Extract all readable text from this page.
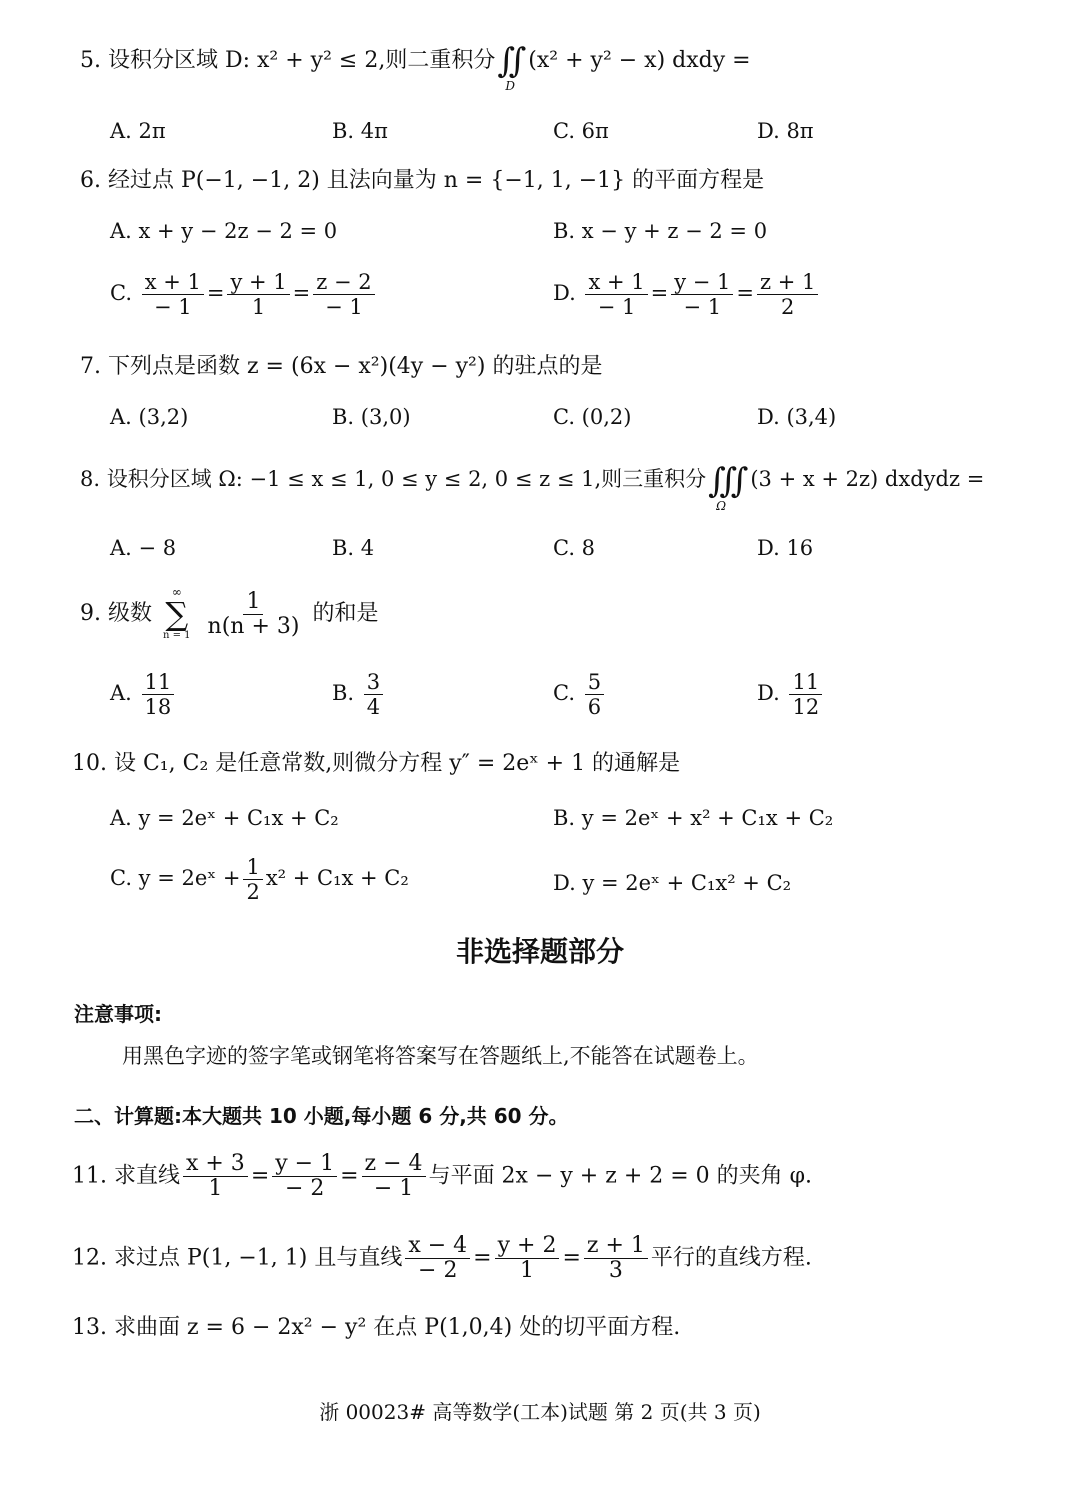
5. 设积分区域 D: x² + y² ≤ 2,则二重积分∬
D
(x² + y² − x) dxdy =
A. 2π	B. 4π	C. 6π	D. 8π
6. 经过点 P(−1, −1, 2) 且法向量为 n = {−1, 1, −1} 的平面方程是
A. x + y − 2z − 2 = 0	B. x − y + z − 2 = 0
C. $\frac{x + 1}{- 1} = \frac{y + 1}{1} = \frac{z - 2}{- 1}$	D. $\frac{x + 1}{- 1} = \frac{y - 1}{- 1} = \frac{z + 1}{2}$
7. 下列点是函数 z = (6x − x²)(4y − y²) 的驻点的是
A. (3,2)	B. (3,0)	C. (0,2)	D. (3,4)
8. 设积分区域 Ω: −1 ≤ x ≤ 1, 0 ≤ y ≤ 2, 0 ≤ z ≤ 1,则三重积分∭
Ω
(3 + x + 2z) dxdydz =
A. − 8	B. 4	C. 8	D. 16
9. 级数
∞
∑
n = 1
$\frac{1}{n(n + 3)}$ 的和是
A. $\frac{11}{18}$	B. $\frac{3}{4}$	C. $\frac{5}{6}$	D. $\frac{11}{12}$
10. 设 C₁, C₂ 是任意常数,则微分方程 y″ = 2eˣ + 1 的通解是
A. y = 2eˣ + C₁x + C₂	B. y = 2eˣ + x² + C₁x + C₂
C. y = 2eˣ + $\frac{1}{2} x^2 + C_1x + C_2$	D. y = 2eˣ + C₁x² + C₂
非选择题部分
注意事项:
用黑色字迹的签字笔或钢笔将答案写在答题纸上,不能答在试题卷上。
二、计算题:本大题共 10 小题,每小题 6 分,共 60 分。
11. 求直线 $\frac{x + 3}{1} = \frac{y - 1}{- 2} = \frac{z - 4}{- 1}$ 与平面 2x − y + z + 2 = 0 的夹角 φ.
12. 求过点 P(1, −1, 1) 且与直线 $\frac{x - 4}{- 2} = \frac{y + 2}{1} = \frac{z + 1}{3}$ 平行的直线方程.
13. 求曲面 z = 6 − 2x² − y² 在点 P(1,0,4) 处的切平面方程.
浙 00023# 高等数学(工本)试题 第 2 页(共 3 页)
